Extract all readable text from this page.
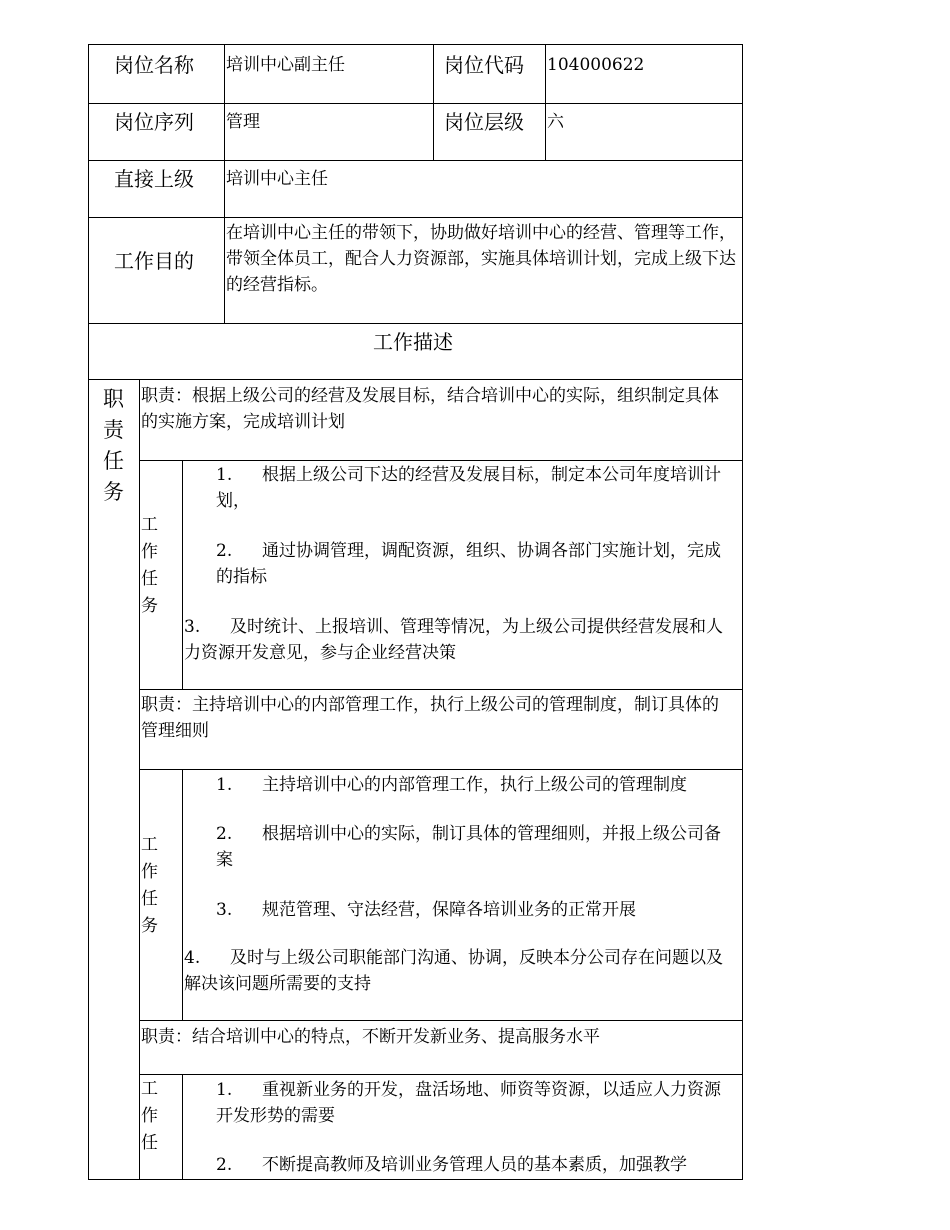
岗位名称 培训中心副主任	岗位代码 104000622
岗位序列 管理	岗位层级 六
直接上级 培训中心主任
工作目的
在培训中心主任的带领下，协助做好培训中心的经营、管理等工作，带领全体员工，配合人力资源部，实施具体培训计划，完成上级下达的经营指标。
工作描述
职责任务
职责：根据上级公司的经营及发展目标，结合培训中心的实际，组织制定具体的实施方案，完成培训计划
工作任务
1. 根据上级公司下达的经营及发展目标，制定本公司年度培训计划，
2. 通过协调管理，调配资源，组织、协调各部门实施计划，完成的指标
3. 及时统计、上报培训、管理等情况，为上级公司提供经营发展和人力资源开发意见，参与企业经营决策
职责：主持培训中心的内部管理工作，执行上级公司的管理制度，制订具体的管理细则
工作任务
1. 主持培训中心的内部管理工作，执行上级公司的管理制度
2. 根据培训中心的实际，制订具体的管理细则，并报上级公司备案
3. 规范管理、守法经营，保障各培训业务的正常开展
4. 及时与上级公司职能部门沟通、协调，反映本分公司存在问题以及解决该问题所需要的支持
职责：结合培训中心的特点，不断开发新业务、提高服务水平
工作任
1. 重视新业务的开发，盘活场地、师资等资源，以适应人力资源开发形势的需要
2. 不断提高教师及培训业务管理人员的基本素质，加强教学
